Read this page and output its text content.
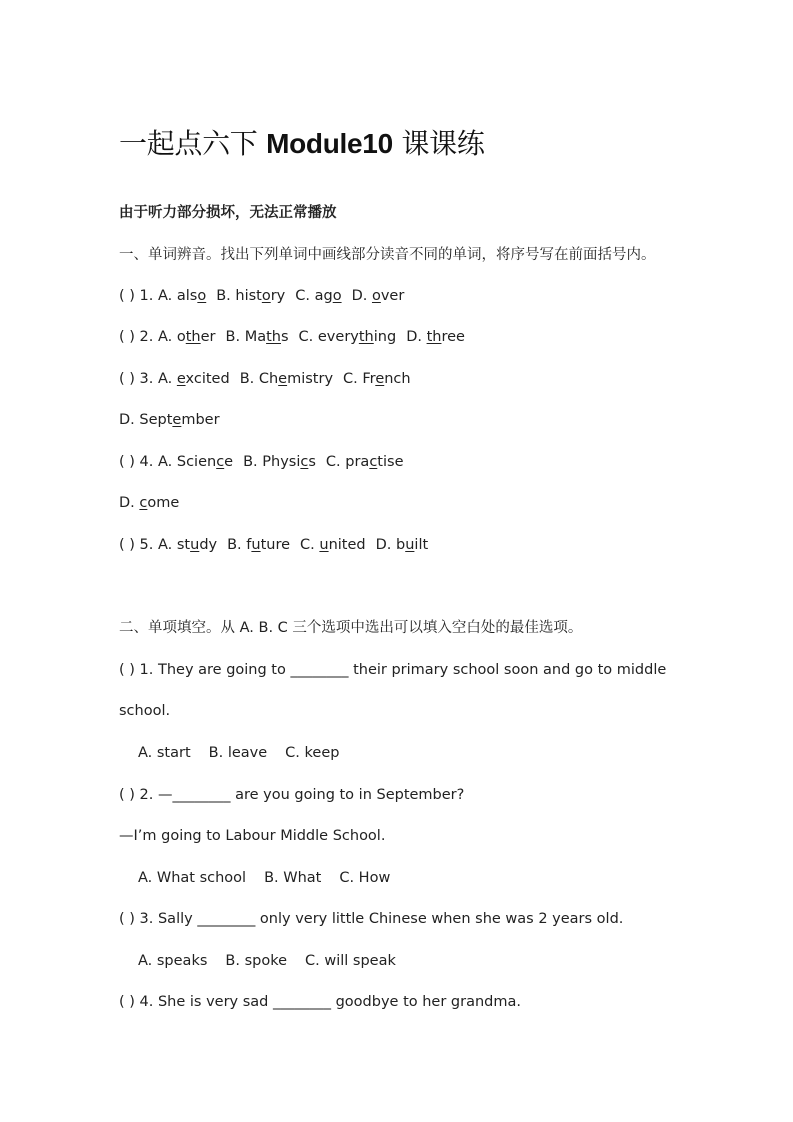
一起点六下 Module10 课课练
由于听力部分损坏，无法正常播放
一、单词辨音。找出下列单词中画线部分读音不同的单词，将序号写在前面括号内。
( ) 1. A. also B. history C. ago D. over
( ) 2. A. other B. Maths C. everything D. three
( ) 3. A. excited B. Chemistry C. French
D. September
( ) 4. A. Science B. Physics C. practise
D. come
( ) 5. A. study B. future C. united D. built
二、单项填空。从 A. B. C 三个选项中选出可以填入空白处的最佳选项。
( ) 1. They are going to ________ their primary school soon and go to middle
school.
A. start B. leave C. keep
( ) 2. —________ are you going to in September?
—I’m going to Labour Middle School.
A. What school B. What C. How
( ) 3. Sally ________ only very little Chinese when she was 2 years old.
A. speaks B. spoke C. will speak
( ) 4. She is very sad ________ goodbye to her grandma.
